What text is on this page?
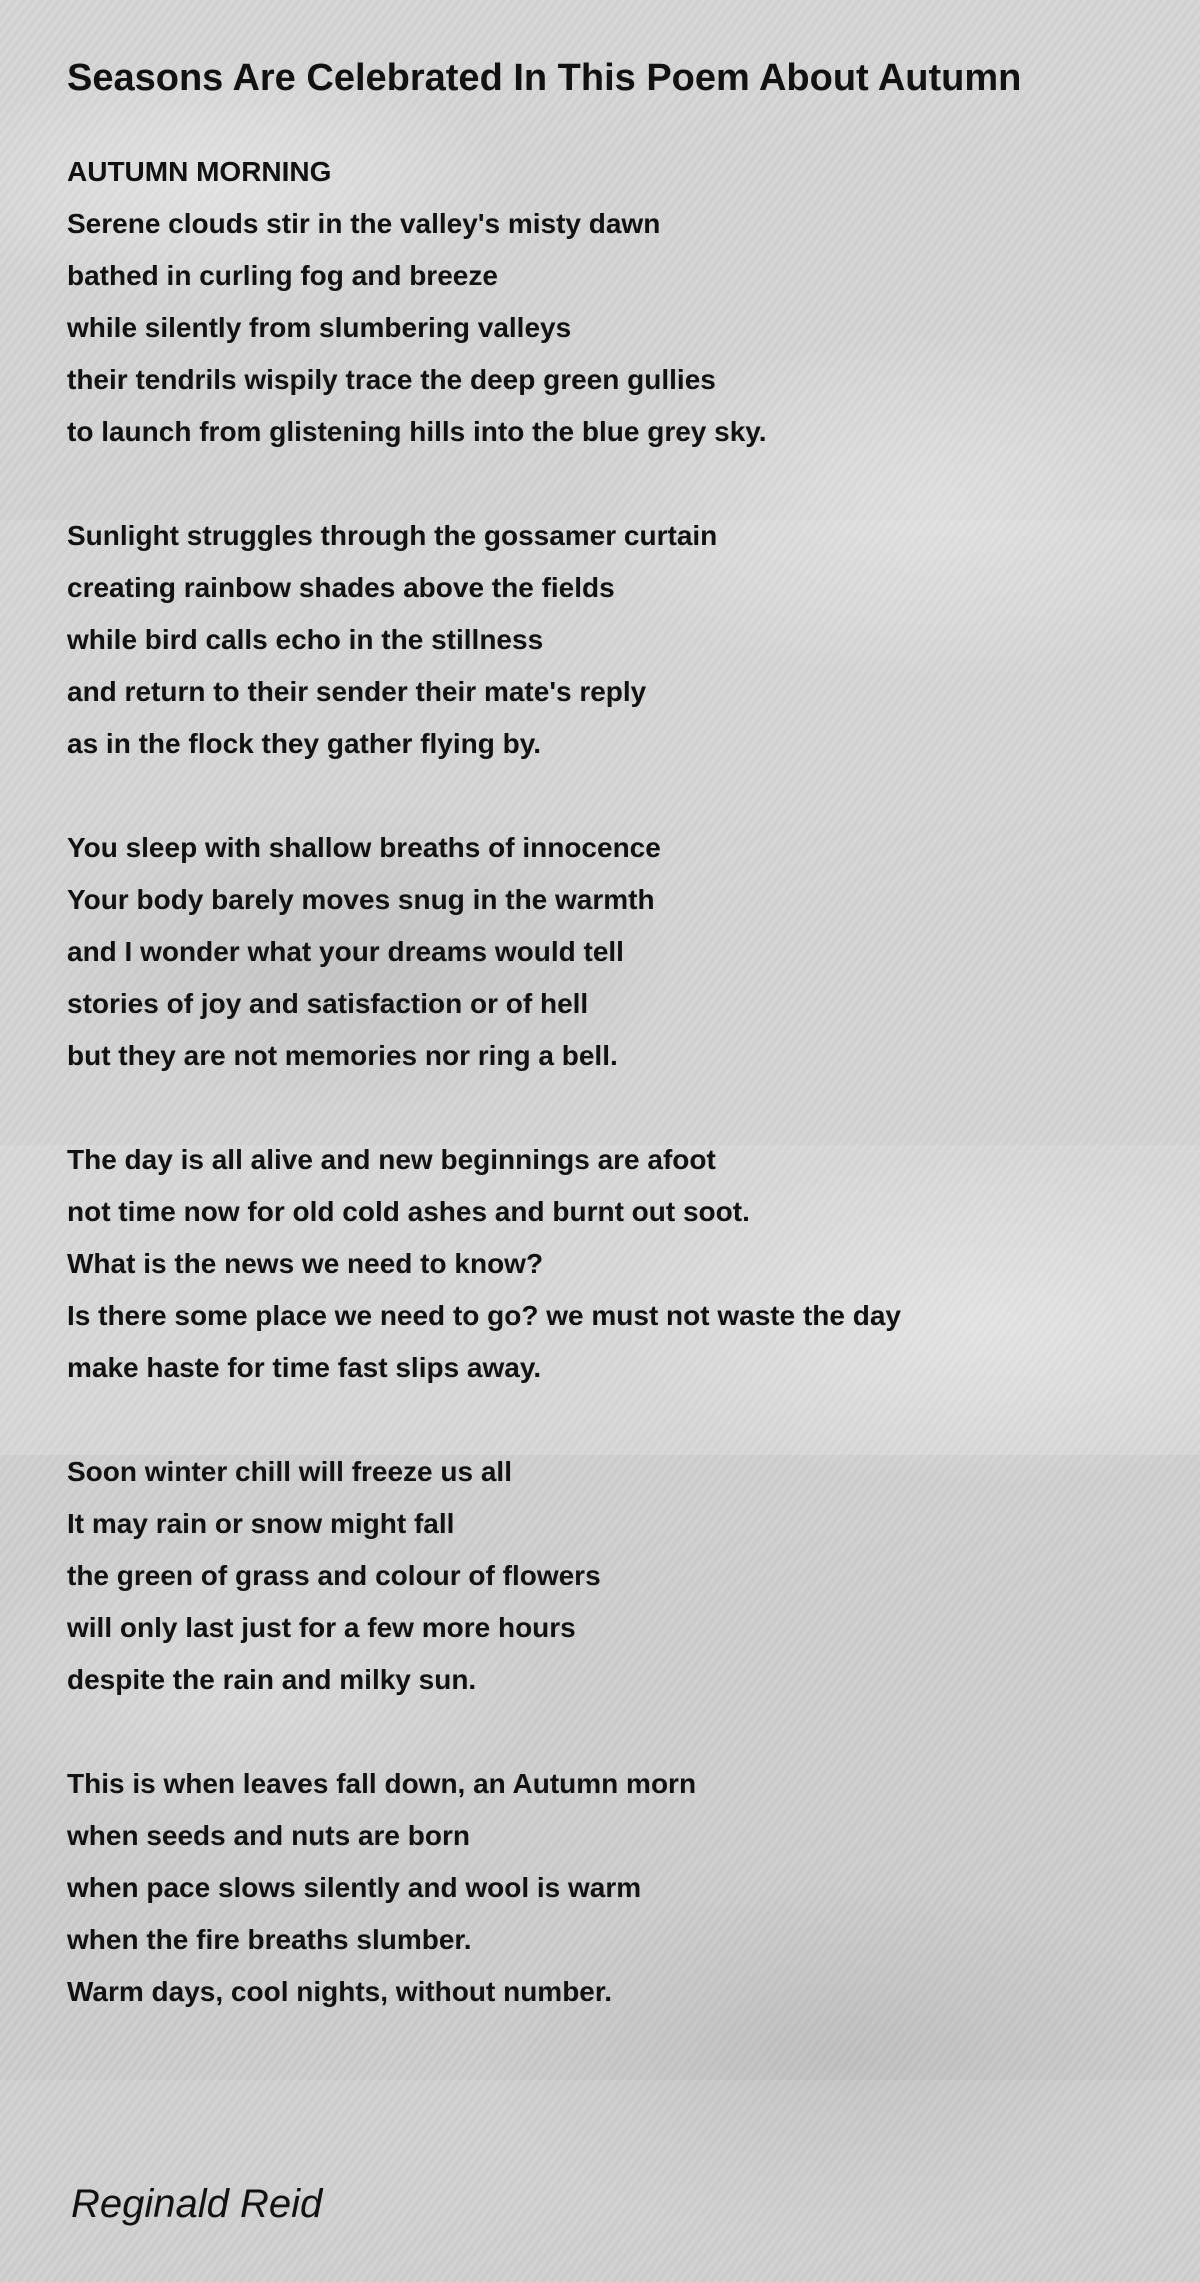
Seasons Are Celebrated In This Poem About Autumn
AUTUMN MORNING
Serene clouds stir in the valley's misty dawn
bathed in curling fog and breeze
while silently from slumbering valleys
their tendrils wispily trace the deep green gullies
to launch from glistening hills into the blue grey sky.
Sunlight struggles through the gossamer curtain
creating rainbow shades above the fields
while bird calls echo in the stillness
and return to their sender their mate's reply
as in the flock they gather flying by.
You sleep with shallow breaths of innocence
Your body barely moves snug in the warmth
and I wonder what your dreams would tell
stories of joy and satisfaction or of hell
but they are not memories nor ring a bell.
The day is all alive and new beginnings are afoot
not time now for old cold ashes and burnt out soot.
What is the news we need to know?
Is there some place we need to go? we must not waste the day
make haste for time fast slips away.
Soon winter chill will freeze us all
It may rain or snow might fall
the green of grass and colour of flowers
will only last just for a few more hours
despite the rain and milky sun.
This is when leaves fall down, an Autumn morn
when seeds and nuts are born
when pace slows silently and wool is warm
when the fire breaths slumber.
Warm days, cool nights, without number.
Reginald Reid
